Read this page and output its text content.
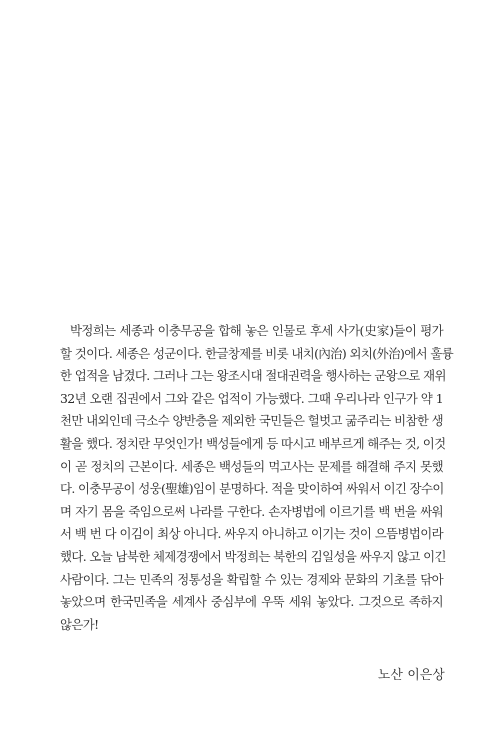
박정희는 세종과 이충무공을 합해 놓은 인물로 후세 사가(史家)들이 평가
할 것이다. 세종은 성군이다. 한글창제를 비롯 내치(內治) 외치(外治)에서 훌륭
한 업적을 남겼다. 그러나 그는 왕조시대 절대권력을 행사하는 군왕으로 재위
32년 오랜 집권에서 그와 같은 업적이 가능했다. 그때 우리나라 인구가 약 1
천만 내외인데 극소수 양반층을 제외한 국민들은 헐벗고 굶주리는 비참한 생
활을 했다. 정치란 무엇인가! 백성들에게 등 따시고 배부르게 해주는 것, 이것
이 곧 정치의 근본이다. 세종은 백성들의 먹고사는 문제를 해결해 주지 못했
다. 이충무공이 성웅(聖雄)임이 분명하다. 적을 맞이하여 싸워서 이긴 장수이
며 자기 몸을 죽임으로써 나라를 구한다. 손자병법에 이르기를 백 번을 싸워
서 백 번 다 이김이 최상 아니다. 싸우지 아니하고 이기는 것이 으뜸병법이라
했다. 오늘 남북한 체제경쟁에서 박정희는 북한의 김일성을 싸우지 않고 이긴
사람이다. 그는 민족의 정통성을 확립할 수 있는 경제와 문화의 기초를 닦아
놓았으며 한국민족을 세계사 중심부에 우뚝 세워 놓았다. 그것으로 족하지
않은가!
노산 이은상
